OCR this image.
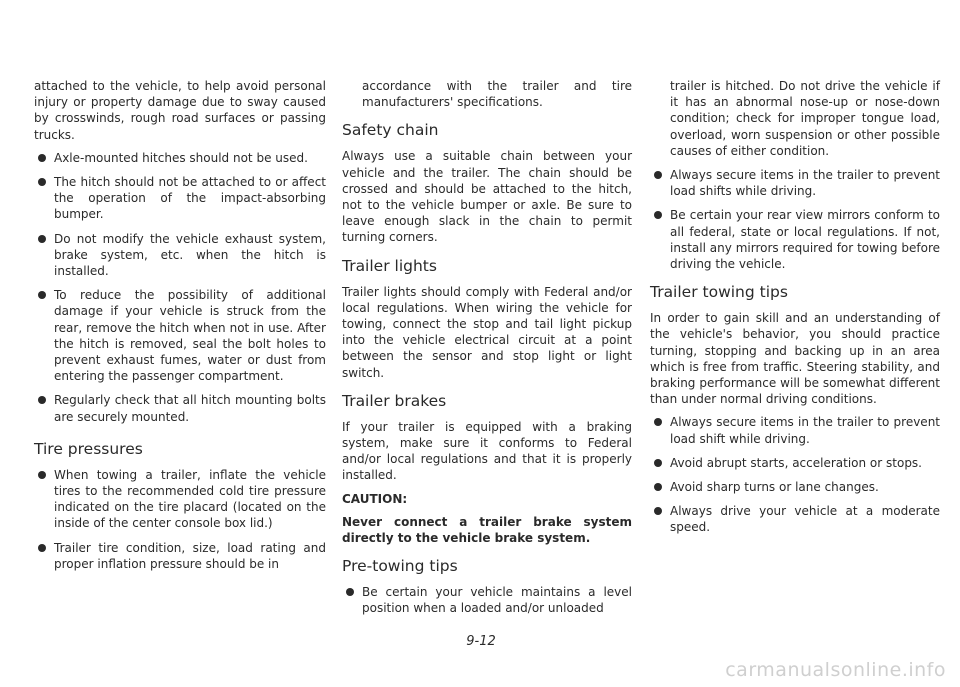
attached to the vehicle, to help avoid personal injury or property damage due to sway caused by crosswinds, rough road surfaces or passing trucks.

Axle-mounted hitches should not be used.
The hitch should not be attached to or affect the operation of the impact-absorbing bumper.
Do not modify the vehicle exhaust system, brake system, etc. when the hitch is installed.
To reduce the possibility of additional damage if your vehicle is struck from the rear, remove the hitch when not in use. After the hitch is removed, seal the bolt holes to prevent exhaust fumes, water or dust from entering the passenger compartment.
Regularly check that all hitch mounting bolts are securely mounted.
Tire pressures
When towing a trailer, inflate the vehicle tires to the recommended cold tire pressure indicated on the tire placard (located on the inside of the center console box lid.)
Trailer tire condition, size, load rating and proper inflation pressure should be in
accordance with the trailer and tire manufacturers' specifications.
Safety chain

Always use a suitable chain between your vehicle and the trailer. The chain should be crossed and should be attached to the hitch, not to the vehicle bumper or axle. Be sure to leave enough slack in the chain to permit turning corners.

Trailer lights

Trailer lights should comply with Federal and/or local regulations. When wiring the vehicle for towing, connect the stop and tail light pickup into the vehicle electrical circuit at a point between the sensor and stop light or light switch.

Trailer brakes

If your trailer is equipped with a braking system, make sure it conforms to Federal and/or local regulations and that it is properly installed.

CAUTION:

Never connect a trailer brake system directly to the vehicle brake system.

Pre-towing tips
Be certain your vehicle maintains a level position when a loaded and/or unloaded
trailer is hitched. Do not drive the vehicle if it has an abnormal nose-up or nose-down condition; check for improper tongue load, overload, worn suspension or other possible causes of either condition.
Always secure items in the trailer to prevent load shifts while driving.
Be certain your rear view mirrors conform to all federal, state or local regulations. If not, install any mirrors required for towing before driving the vehicle.
Trailer towing tips

In order to gain skill and an understanding of the vehicle's behavior, you should practice turning, stopping and backing up in an area which is free from traffic. Steering stability, and braking performance will be somewhat different than under normal driving conditions.

Always secure items in the trailer to prevent load shift while driving.
Avoid abrupt starts, acceleration or stops.
Avoid sharp turns or lane changes.
Always drive your vehicle at a moderate speed.
9-12
carmanualsonline.info
